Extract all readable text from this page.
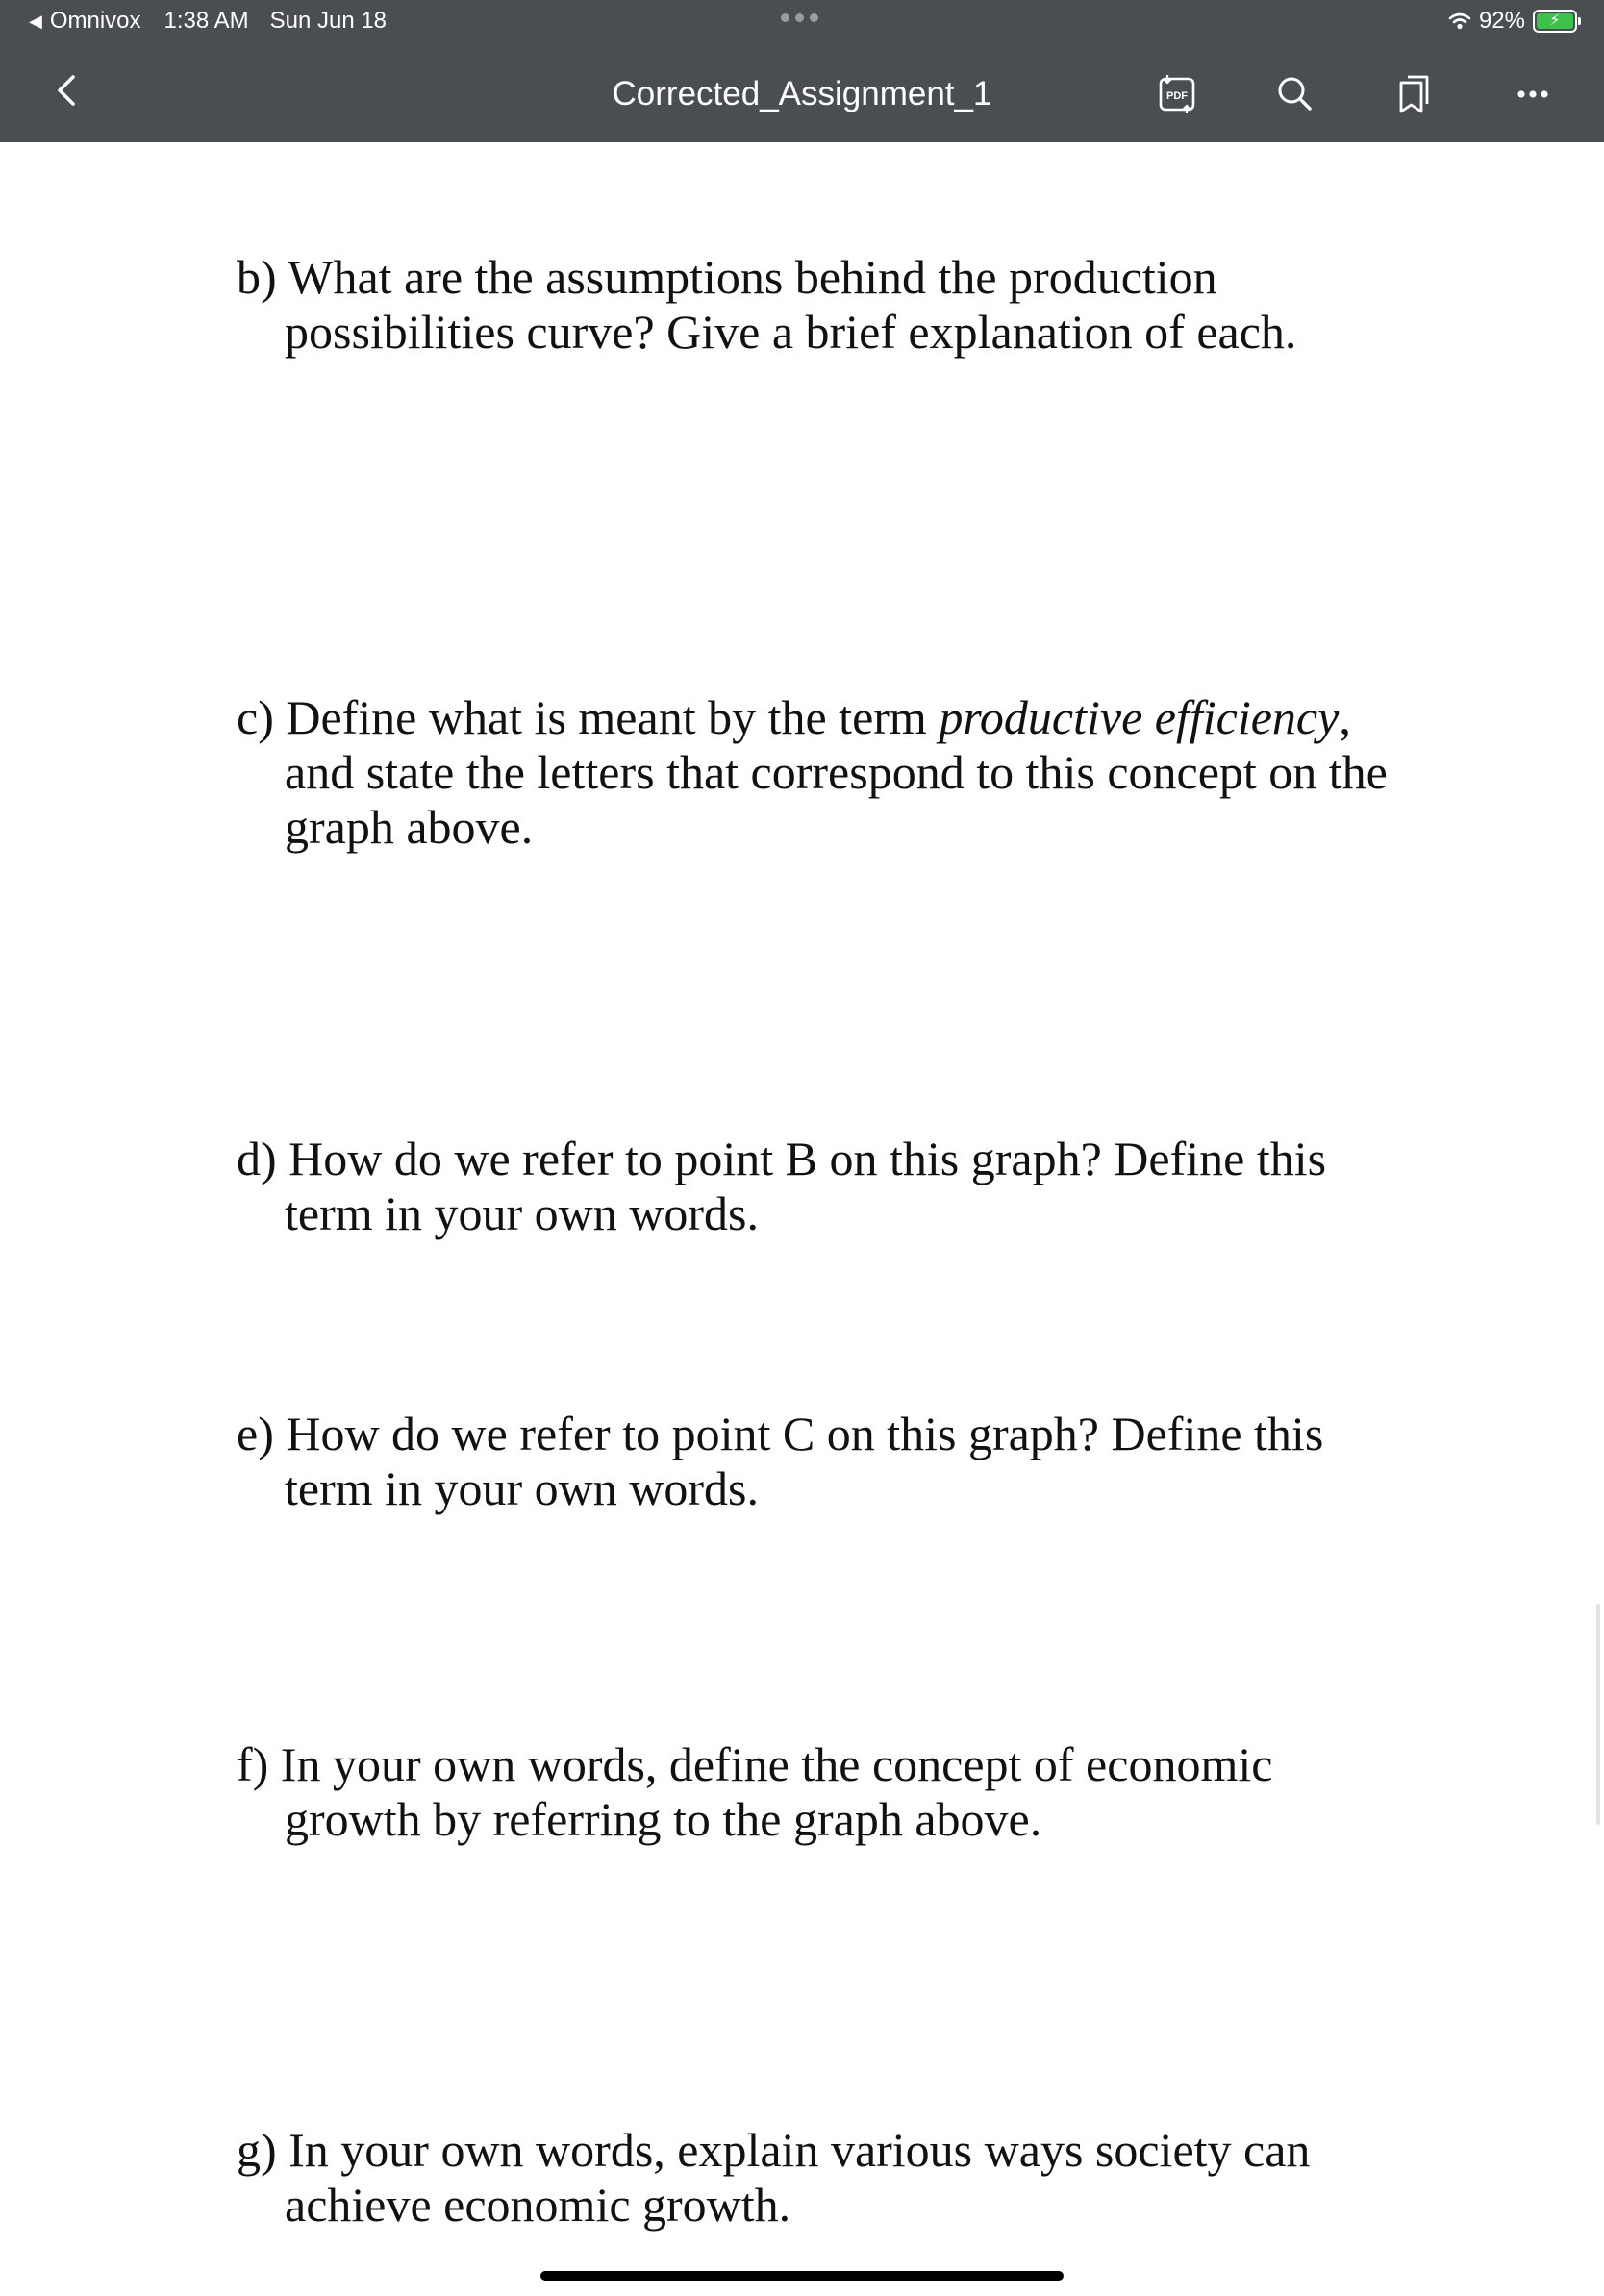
◀ Omnivox 1:38 AM Sun Jun 18	92%	⚡
Corrected_Assignment_1	PDF
b) What are the assumptions behind the production
possibilities curve? Give a brief explanation of each.
c) Define what is meant by the term productive efficiency,
and state the letters that correspond to this concept on the
graph above.
d) How do we refer to point B on this graph? Define this
term in your own words.
e) How do we refer to point C on this graph? Define this
term in your own words.
f) In your own words, define the concept of economic
growth by referring to the graph above.
g) In your own words, explain various ways society can
achieve economic growth.
